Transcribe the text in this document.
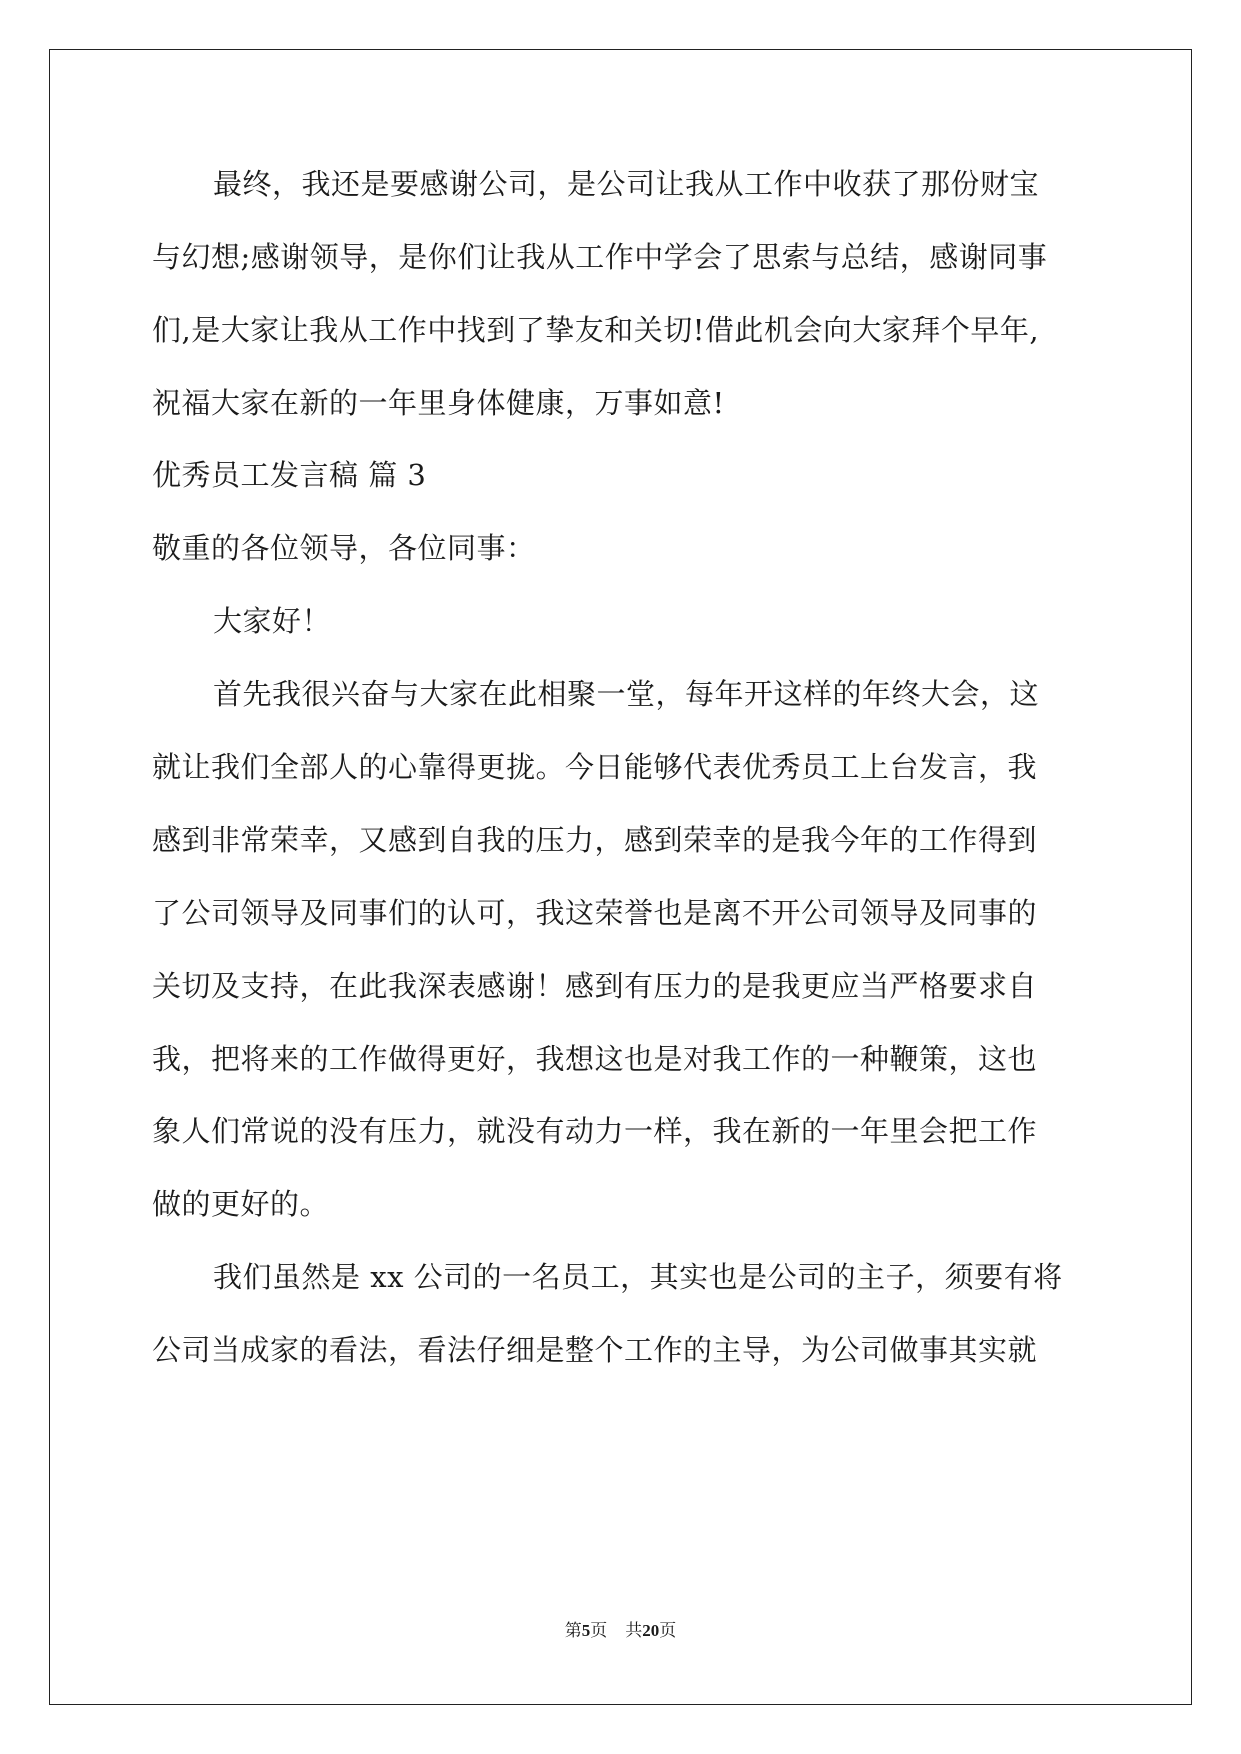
最终，我还是要感谢公司，是公司让我从工作中收获了那份财宝
与幻想;感谢领导，是你们让我从工作中学会了思索与总结，感谢同事
们,是大家让我从工作中找到了挚友和关切!借此机会向大家拜个早年,
祝福大家在新的一年里身体健康，万事如意!
优秀员工发言稿 篇 3
敬重的各位领导，各位同事：
大家好！
首先我很兴奋与大家在此相聚一堂，每年开这样的年终大会，这
就让我们全部人的心靠得更拢。今日能够代表优秀员工上台发言，我
感到非常荣幸，又感到自我的压力，感到荣幸的是我今年的工作得到
了公司领导及同事们的认可，我这荣誉也是离不开公司领导及同事的
关切及支持，在此我深表感谢！感到有压力的是我更应当严格要求自
我，把将来的工作做得更好，我想这也是对我工作的一种鞭策，这也
象人们常说的没有压力，就没有动力一样，我在新的一年里会把工作
做的更好的。
我们虽然是 xx 公司的一名员工，其实也是公司的主子，须要有将
公司当成家的看法，看法仔细是整个工作的主导，为公司做事其实就
第5页 共20页
